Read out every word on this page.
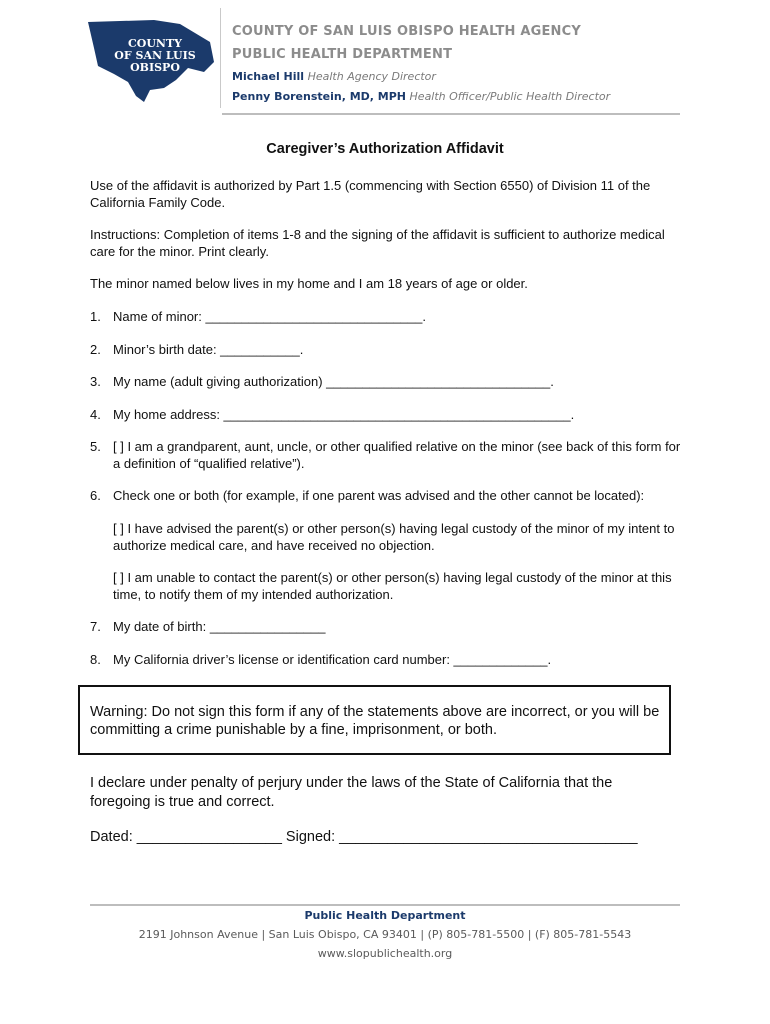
COUNTY
OF SAN LUIS
OBISPO
COUNTY OF SAN LUIS OBISPO HEALTH AGENCY
PUBLIC HEALTH DEPARTMENT
Michael Hill Health Agency Director
Penny Borenstein, MD, MPH Health Officer/Public Health Director
Caregiver’s Authorization Affidavit
Use of the affidavit is authorized by Part 1.5 (commencing with Section 6550) of Division 11 of the California Family Code.
Instructions: Completion of items 1-8 and the signing of the affidavit is sufficient to authorize medical care for the minor. Print clearly.
The minor named below lives in my home and I am 18 years of age or older.
1. Name of minor: ______________________________.
2. Minor’s birth date: ___________.
3. My name (adult giving authorization) _______________________________.
4. My home address: ________________________________________________.
5. [ ] I am a grandparent, aunt, uncle, or other qualified relative on the minor (see back of this form for a definition of “qualified relative”).
6. Check one or both (for example, if one parent was advised and the other cannot be located):
[ ] I have advised the parent(s) or other person(s) having legal custody of the minor of my intent to authorize medical care, and have received no objection.
[ ] I am unable to contact the parent(s) or other person(s) having legal custody of the minor at this time, to notify them of my intended authorization.
7. My date of birth: ________________
8. My California driver’s license or identification card number: _____________.
Warning: Do not sign this form if any of the statements above are incorrect, or you will be committing a crime punishable by a fine, imprisonment, or both.
I declare under penalty of perjury under the laws of the State of California that the foregoing is true and correct.
Dated: __________________ Signed: _____________________________________
Public Health Department
2191 Johnson Avenue | San Luis Obispo, CA 93401 | (P) 805-781-5500 | (F) 805-781-5543
www.slopublichealth.org
